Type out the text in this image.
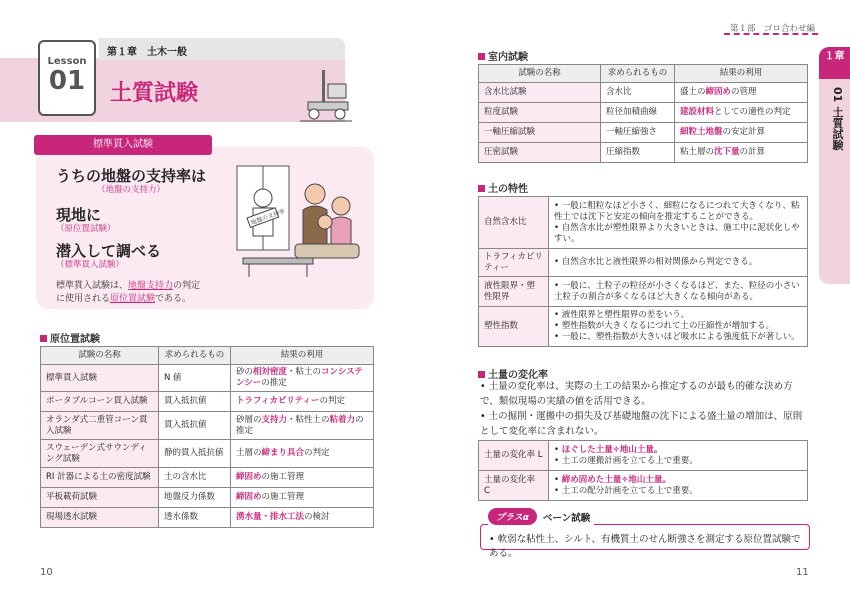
第１章　土木一般
Lesson
01	土質試験
標準貫入試験
うちの地盤の支持率は
（地盤の支持力）
現地に
（原位置試験）
潜入して調べる
（標準貫入試験）
標準貫入試験は、地盤支持力の判定
に使用される原位置試験である。
地盤の支持率
原位置試験
試験の名称	求められるもの	結果の利用
標準貫入試験	N 値	砂の相対密度・粘土のコンシステンシーの推定
ポータブルコーン貫入試験	貫入抵抗値	トラフィカビリティーの判定
オランダ式二重管コーン貫入試験	貫入抵抗値	砂層の支持力・粘性土の粘着力の推定
スウェーデン式サウンディング試験	静的貫入抵抗値	土層の締まり具合の判定
RI 計器による土の密度試験	土の含水比	締固めの施工管理
平板載荷試験	地盤反力係数	締固めの施工管理
現場透水試験	透水係数	湧水量・排水工法の検討
10
第１部　ゴロ合わせ編
１章
01 土質試験
室内試験
試験の名称	求められるもの	結果の利用
含水比試験	含水比	盛土の締固めの管理
粒度試験	粒径加積曲線	建設材料としての適性の判定
一軸圧縮試験	一軸圧縮強さ	細粒土地盤の安定計算
圧密試験	圧縮指数	粘土層の沈下量の計算
土の特性
自然含水比	• 一般に粗粒なほど小さく、細粒になるにつれて大きくなり、粘性土では沈下と安定の傾向を推定することができる。
• 自然含水比が塑性限界より大きいときは、施工中に泥状化しやすい。
トラフィカビリティー	• 自然含水比と液性限界の相対関係から判定できる。
液性限界・塑性限界	• 一般に、土粒子の粒径が小さくなるほど、また、粒径の小さい土粒子の割合が多くなるほど大きくなる傾向がある。
塑性指数	• 液性限界と塑性限界の差をいう。
• 塑性指数が大きくなるにつれて土の圧縮性が増加する。
• 一般に、塑性指数が大きいほど吸水による強度低下が著しい。
土量の変化率
• 土量の変化率は、実際の土工の結果から推定するのが最も的確な決め方で、類似現場の実績の値を活用できる。
• 土の掘削・運搬中の損失及び基礎地盤の沈下による盛土量の増加は、原則として変化率に含まれない。
土量の変化率 L	• ほぐした土量÷地山土量。
• 土工の運搬計画を立てる上で重要。
土量の変化率 C	• 締め固めた土量÷地山土量。
• 土工の配分計画を立てる上で重要。
• 軟弱な粘性土、シルト、有機質土のせん断強さを測定する原位置試験である。
プラスα	ベーン試験
11
